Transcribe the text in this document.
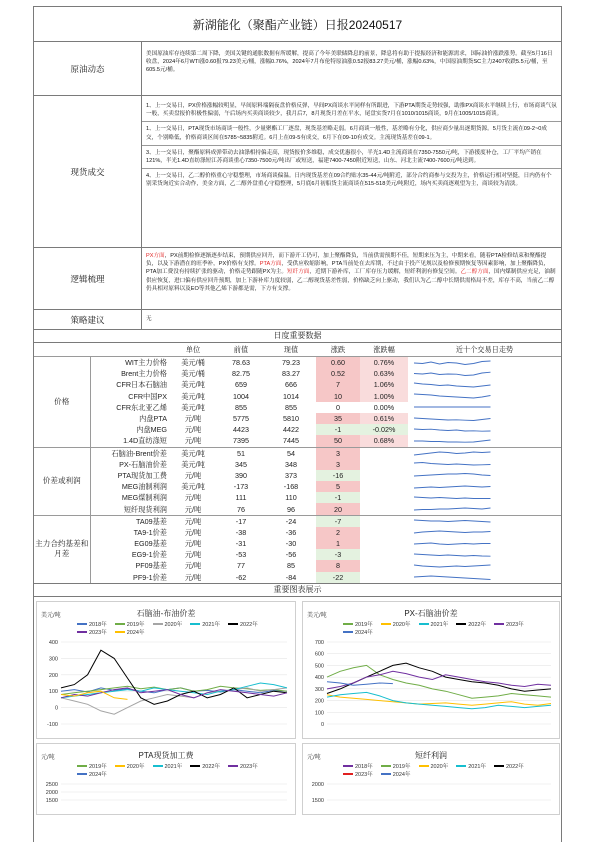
新湖能化（聚酯产业链）日报20240517
原油动态
美国原油库存连续第二周下降，美国关键的通胀数据有所缓解，提高了今年美联储降息的前景，降息将有助于提振经济和能源需求，国际油价涨跌涨势。截至5月16日收盘，2024年6月WTI涨0.60报79.23美元/桶，涨幅0.76%，2024年7月布伦特原油涨0.52报83.27美元/桶，涨幅0.63%，中国原油期货SC主力2407收跌5.5元/桶，至605.5元/桶。
现货成交

1、上一交易日，PX价格涨幅较明显，早间原料端隔夜盘价格反弹，早间PX商谈水平同样有所跟进，下游PTA期货走势较强，助推PX商谈水平继续上行，市场商谈气氛一般，买卖盘报价积极性偏弱，午后场内买卖商谈较少，我月后7，8月现货月差在平水，尾盘实货7月在1010/1015商谈，9月在1005/1015商谈。

1、上一交易日，PTA现货市场商谈一般性，少量聚酯工厂逐盘，现货基差略走弱。6月商谈一般性，基差略有分化，供应商少量出逐期货源。5月货主流在09-2~0成交，个别略低，价格商谈区间在5785~5835附近。6月上在09-5有成交，6月下在09-10有成交。主流现货基差在09-1。

3、上一交易日，聚酯原料成弹带动去油涤相持偏走高，现货报价多维稳，成交优惠很小，半光1.4D主流商谈在7350-7550元/吨，下游援度补仓，工厂平均产销在121%，半光1.4D直纺涤短江苏商谈重心7350-7500元/吨出厂或短送，福建7400-7450附近短送，山东、河北主流7400-7600元/吨送到。

4、上一交易日，乙二醇价格重心守稳整理，市场商谈偏温。日内现货基差在09合约贴水35-44元/吨附近，部分合约商参与交投为主，价格运行相对坚挺，日内仍有个别采货询近实合动作，美金方面，乙二醇外盘重心守稳整理，5月底6月初船货主流商谈在515-518美元/吨附近，场内买卖商逐观望为主，商谈较为清淡。

逻辑梳理
PX方面，PX前期检修逐渐逐步结束，预期供应回升，而下游开工仍可，加上聚酯降负，当前供需预期不佳，短期来压为主，中期来看，随着PTA检修结束和聚酯提负，以及下游潜在的旺季补，PX价格有支撑。PTA方面，受供应收缩影响，PTA当前处在去库期，不过由于投产见规以及检修预期恢复等因素影响，加上聚酯降负，PTA加工费没有持续扩张的驱动，价格走势跟随PX为主。短纤方面，近期下游补库，工厂库存压力缓解，短纤利润有修复空间。乙二醇方面，国内煤制供应充足，油制供应恢复，进口偏有供应回升预期，加上下游补库力度较弱，乙二醇现货基差性弱，价格缺乏向上驱动，我们认为乙二醇中长期供需格局不差，库存不高，当前乙二醇仍具相对原料以及EO等其他乙烯下游都是需，下方有支撑。
策略建议	无
日度重要数据
		单位	前值	现值	涨跌	涨跌幅	近十个交易日走势
价格	WIT主力价格	美元/桶	78.63	79.23	0.60	0.76%	

	Brent主力价格	美元/桶	82.75	83.27	0.52	0.63%	

	CFR日本石脑油	美元/吨	659	666	7	1.06%	

	CFR中国PX	美元/吨	1004	1014	10	1.00%	

	CFR东北亚乙烯	美元/吨	855	855	0	0.00%	

	内盘PTA	元/吨	5775	5810	35	0.61%	

	内盘MEG	元/吨	4423	4422	-1	-0.02%	

	1.4D直纺涤短	元/吨	7395	7445	50	0.68%	

价差或利润	石脑油-Brent价差	美元/吨	51	54	3		

	PX-石脑油价差	美元/吨	345	348	3		

	PTA现货加工费	元/吨	390	373	-16		

	MEG油制利润	美元/吨	-173	-168	5		

	MEG煤制利润	元/吨	111	110	-1		

	短纤现货利润	元/吨	76	96	20		

主力合约基差和月差	TA09基差	元/吨	-17	-24	-7		

	TA9-1价差	元/吨	-38	-36	2		

	EG09基差	元/吨	-31	-30	1		

	EG9-1价差	元/吨	-53	-56	-3		

	PF09基差	元/吨	77	85	8		

	PF9-1价差	元/吨	-62	-84	-22		
重要图表展示
400
300
200
100
0
-100
石脑油-布油价差
美元/吨
2018年	2019年	2020年	2021年	2022年2023年	2024年
700
600
500
400
300
200
100
0
PX-石脑油价差
美元/吨
2019年	2020年	2021年	2022年	2023年2024年
2500
2000
1500
PTA现货加工费
元/吨
2019年	2020年	2021年	2022年	2023年2024年
2000
1500
短纤利润
元/吨
2018年	2019年	2020年	2021年	2022年2023年	2024年
